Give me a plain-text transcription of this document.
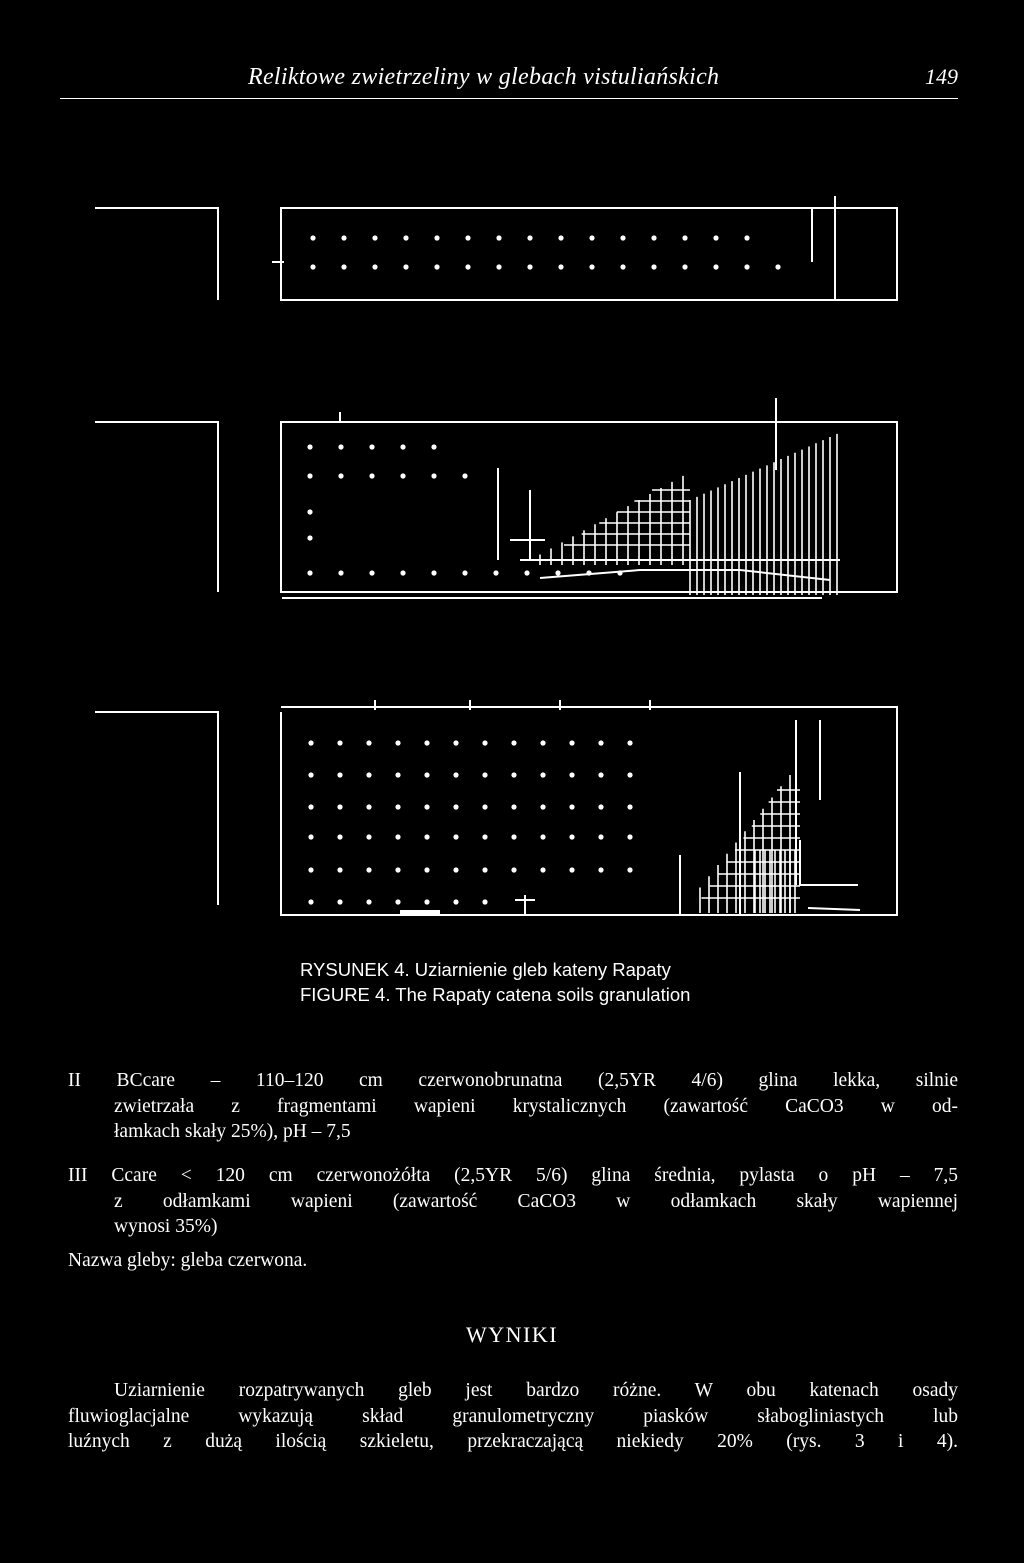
Reliktowe zwietrzeliny w glebach vistuliańskich	149
RYSUNEK 4. Uziarnienie gleb kateny Rapaty
FIGURE 4. The Rapaty catena soils granulation
II BCcare – 110–120 cm czerwonobrunatna (2,5YR 4/6) glina lekka, silnie
zwietrzała z fragmentami wapieni krystalicznych (zawartość CaCO3 w od-
łamkach skały 25%), pH – 7,5
III Ccare < 120 cm czerwonożółta (2,5YR 5/6) glina średnia, pylasta o pH – 7,5
z odłamkami wapieni (zawartość CaCO3 w odłamkach skały wapiennej
wynosi 35%)
Nazwa gleby: gleba czerwona.
WYNIKI
Uziarnienie rozpatrywanych gleb jest bardzo różne. W obu katenach osady
fluwioglacjalne wykazują skład granulometryczny piasków słabogliniastych lub
luźnych z dużą ilością szkieletu, przekraczającą niekiedy 20% (rys. 3 i 4).
